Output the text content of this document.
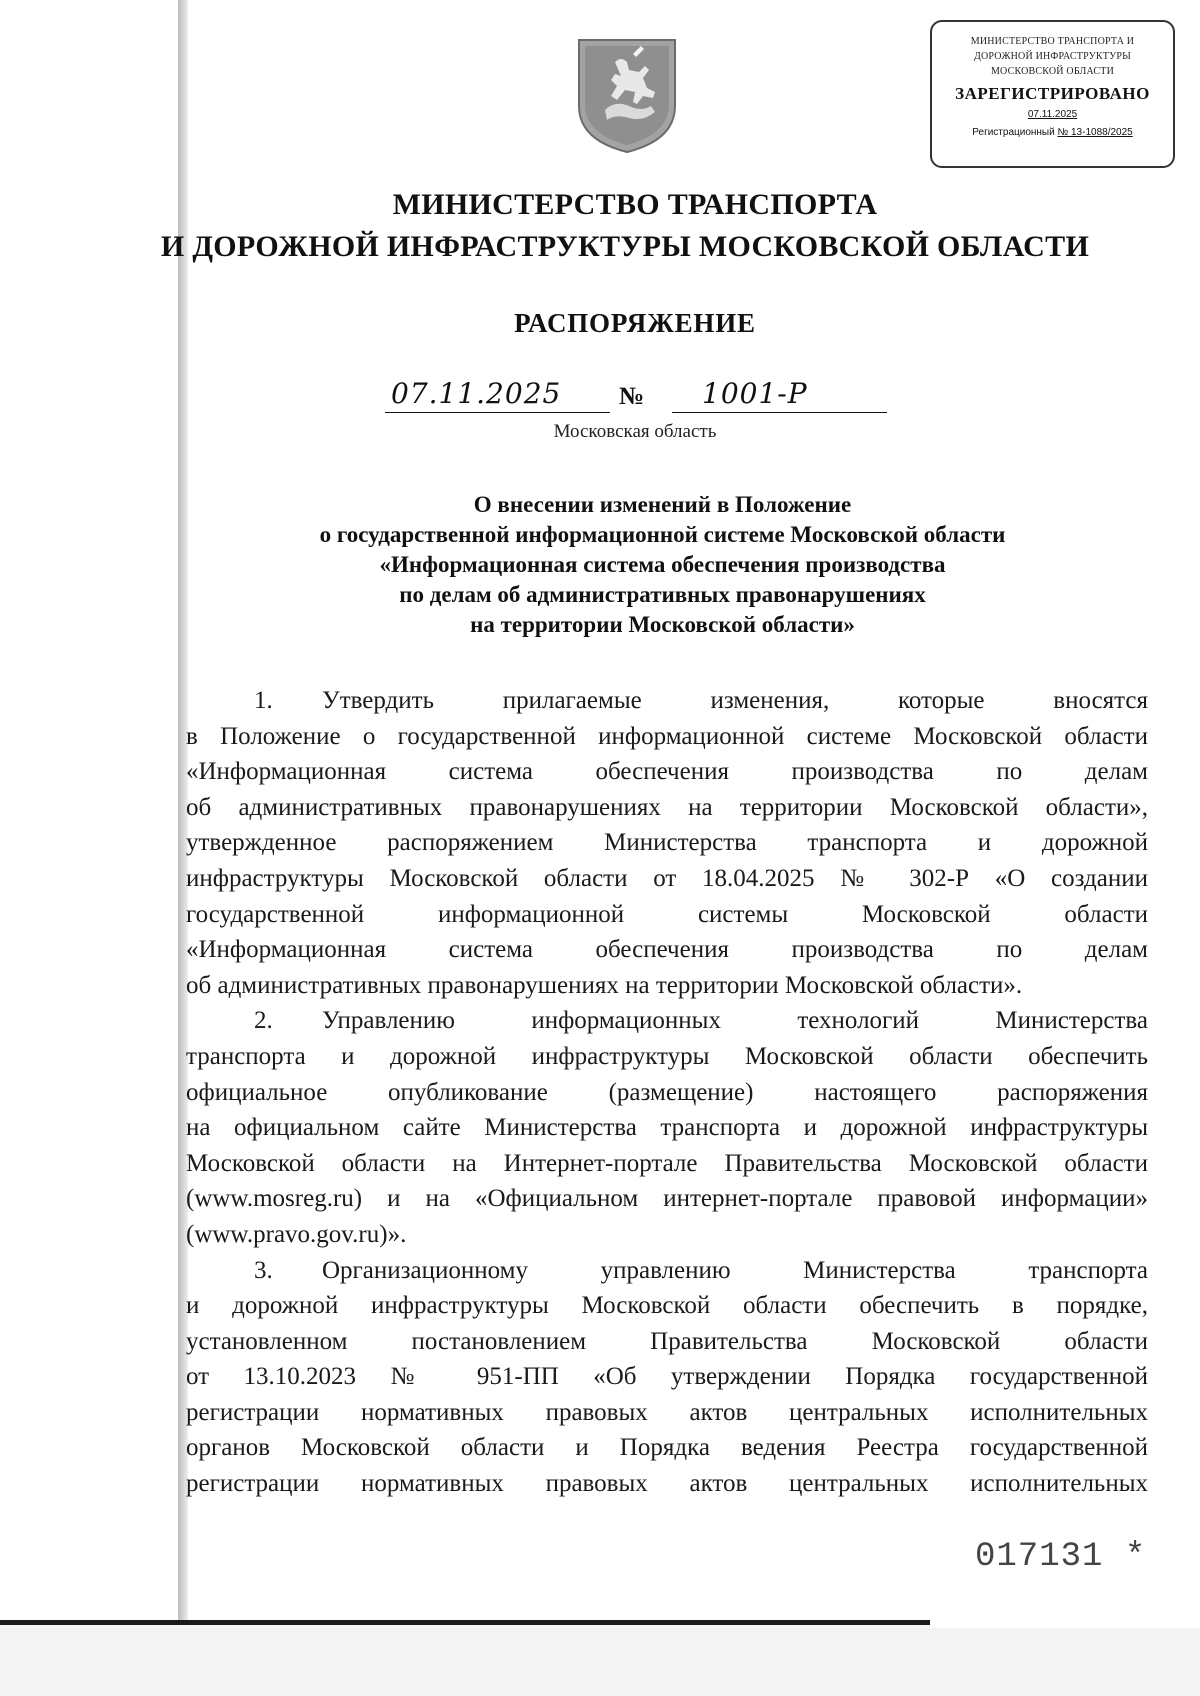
МИНИСТЕРСТВО ТРАНСПОРТА И
ДОРОЖНОЙ ИНФРАСТРУКТУРЫ
МОСКОВСКОЙ ОБЛАСТИ
ЗАРЕГИСТРИРОВАНО
07.11.2025
Регистрационный № 13-1088/2025
МИНИСТЕРСТВО ТРАНСПОРТА
И ДОРОЖНОЙ ИНФРАСТРУКТУРЫ МОСКОВСКОЙ ОБЛАСТИ
РАСПОРЯЖЕНИЕ
07.11.2025 № 1001-Р
Московская область
О внесении изменений в Положение
о государственной информационной системе Московской области
«Информационная система обеспечения производства
по делам об административных правонарушениях
на территории Московской области»

1. Утвердить прилагаемые изменения, которые вносятся
в Положение о государственной информационной системе Московской области
«Информационная система обеспечения производства по делам
об административных правонарушениях на территории Московской области»,
утвержденное распоряжением Министерства транспорта и дорожной
инфраструктуры Московской области от 18.04.2025 № 302-Р «О создании
государственной информационной системы Московской области
«Информационная система обеспечения производства по делам
об административных правонарушениях на территории Московской области».

2. Управлению информационных технологий Министерства
транспорта и дорожной инфраструктуры Московской области обеспечить
официальное опубликование (размещение) настоящего распоряжения
на официальном сайте Министерства транспорта и дорожной инфраструктуры
Московской области на Интернет-портале Правительства Московской области
(www.mosreg.ru) и на «Официальном интернет-портале правовой информации»
(www.pravo.gov.ru)».

3. Организационному управлению Министерства транспорта
и дорожной инфраструктуры Московской области обеспечить в порядке,
установленном постановлением Правительства Московской области
от 13.10.2023 № 951-ПП «Об утверждении Порядка государственной
регистрации нормативных правовых актов центральных исполнительных
органов Московской области и Порядка ведения Реестра государственной
регистрации нормативных правовых актов центральных исполнительных

017131 *
